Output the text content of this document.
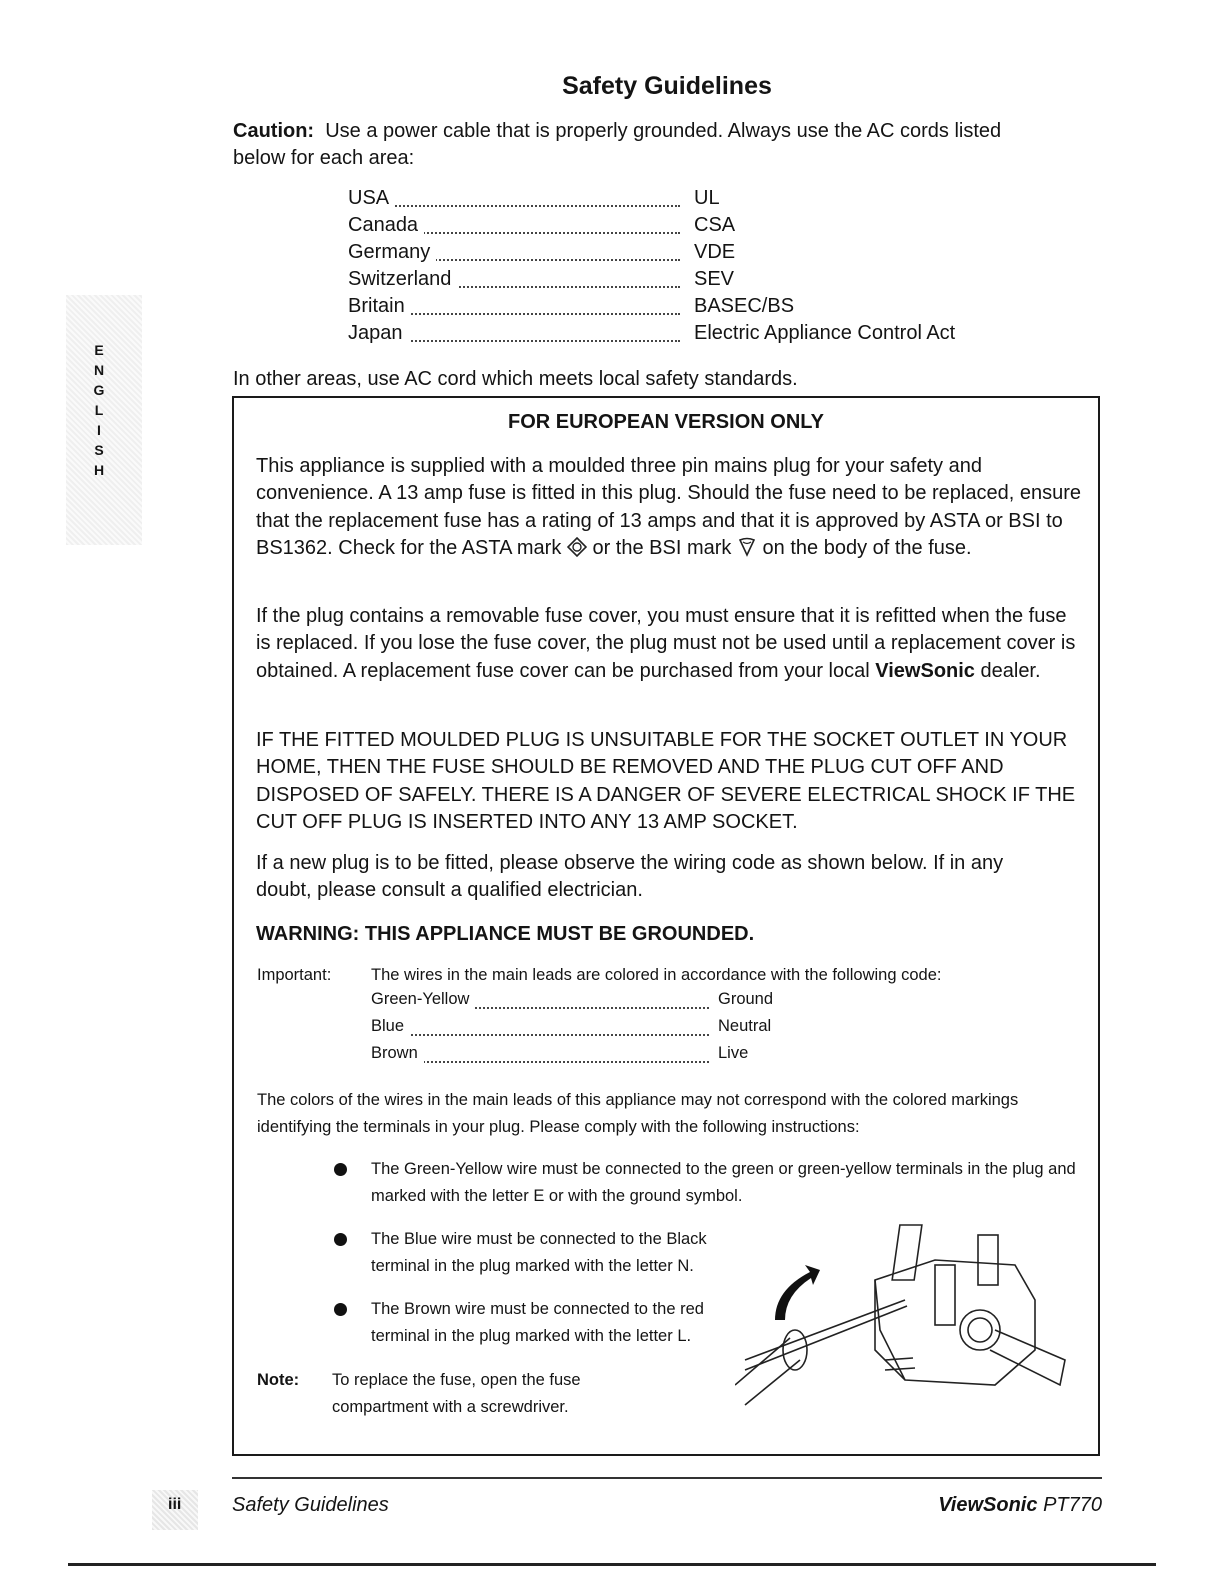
E
N
G
L
I
S
H
Safety Guidelines
Caution: Use a power cable that is properly grounded. Always use the AC cords listed
below for each area:
USA	UL
Canada	CSA
Germany	VDE
Switzerland	SEV
Britain	BASEC/BS
Japan	Electric Appliance Control Act
In other areas, use AC cord which meets local safety standards.
FOR EUROPEAN VERSION ONLY
This appliance is supplied with a moulded three pin mains plug for your safety and convenience. A 13 amp fuse is fitted in this plug. Should the fuse need to be replaced, ensure that the replacement fuse has a rating of 13 amps and that it is approved by ASTA or BSI to BS1362. Check for the ASTA mark or the BSI mark on the body of the fuse.
If the plug contains a removable fuse cover, you must ensure that it is refitted when the fuse is replaced. If you lose the fuse cover, the plug must not be used until a replacement cover is obtained. A replacement fuse cover can be purchased from your local ViewSonic dealer.
IF THE FITTED MOULDED PLUG IS UNSUITABLE FOR THE SOCKET OUTLET IN YOUR HOME, THEN THE FUSE SHOULD BE REMOVED AND THE PLUG CUT OFF AND DISPOSED OF SAFELY. THERE IS A DANGER OF SEVERE ELECTRICAL SHOCK IF THE CUT OFF PLUG IS INSERTED INTO ANY 13 AMP SOCKET.
If a new plug is to be fitted, please observe the wiring code as shown below. If in any doubt, please consult a qualified electrician.
WARNING: THIS APPLIANCE MUST BE GROUNDED.
Important: The wires in the main leads are colored in accordance with the following code:
Green-Yellow	Ground
Blue	Neutral
Brown	Live
The colors of the wires in the main leads of this appliance may not correspond with the colored markings identifying the terminals in your plug. Please comply with the following instructions:
The Green-Yellow wire must be connected to the green or green-yellow terminals in the plug and marked with the letter E or with the ground symbol.
The Blue wire must be connected to the Black terminal in the plug marked with the letter N.
The Brown wire must be connected to the red terminal in the plug marked with the letter L.
Note: To replace the fuse, open the fuse compartment with a screwdriver.
iii	Safety Guidelines	ViewSonic PT770
